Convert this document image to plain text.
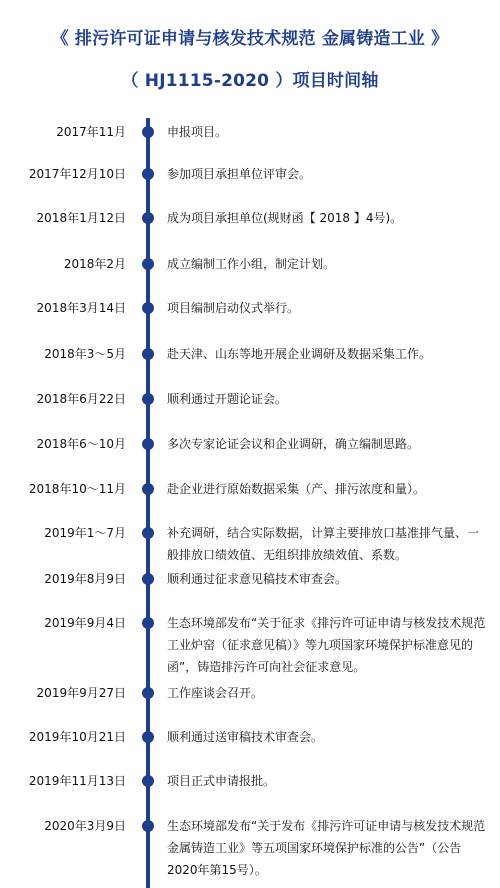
《 排污许可证申请与核发技术规范 金属铸造工业 》
（ HJ1115-2020 ）项目时间轴
2017年11月	申报项目。
2017年12月10日	参加项目承担单位评审会。
2018年1月12日	成为项目承担单位(规财函【 2018 】4号)。
2018年2月	成立编制工作小组，制定计划。
2018年3月14日	项目编制启动仪式举行。
2018年3～5月	赴天津、山东等地开展企业调研及数据采集工作。
2018年6月22日	顺利通过开题论证会。
2018年6～10月	多次专家论证会议和企业调研，确立编制思路。
2018年10～11月	赴企业进行原始数据采集（产、排污浓度和量）。
2019年1～7月	补充调研，结合实际数据，计算主要排放口基准排气量、一般排放口绩效值、无组织排放绩效值、系数。
2019年8月9日	顺利通过征求意见稿技术审查会。
2019年9月4日	生态环境部发布“关于征求《排污许可证申请与核发技术规范工业炉窑（征求意见稿）》等九项国家环境保护标准意见的函”，铸造排污许可向社会征求意见。
2019年9月27日	工作座谈会召开。
2019年10月21日	顺利通过送审稿技术审查会。
2019年11月13日	项目正式申请报批。
2020年3月9日	生态环境部发布“关于发布《排污许可证申请与核发技术规范金属铸造工业》等五项国家环境保护标准的公告”（公告2020年第15号）。
